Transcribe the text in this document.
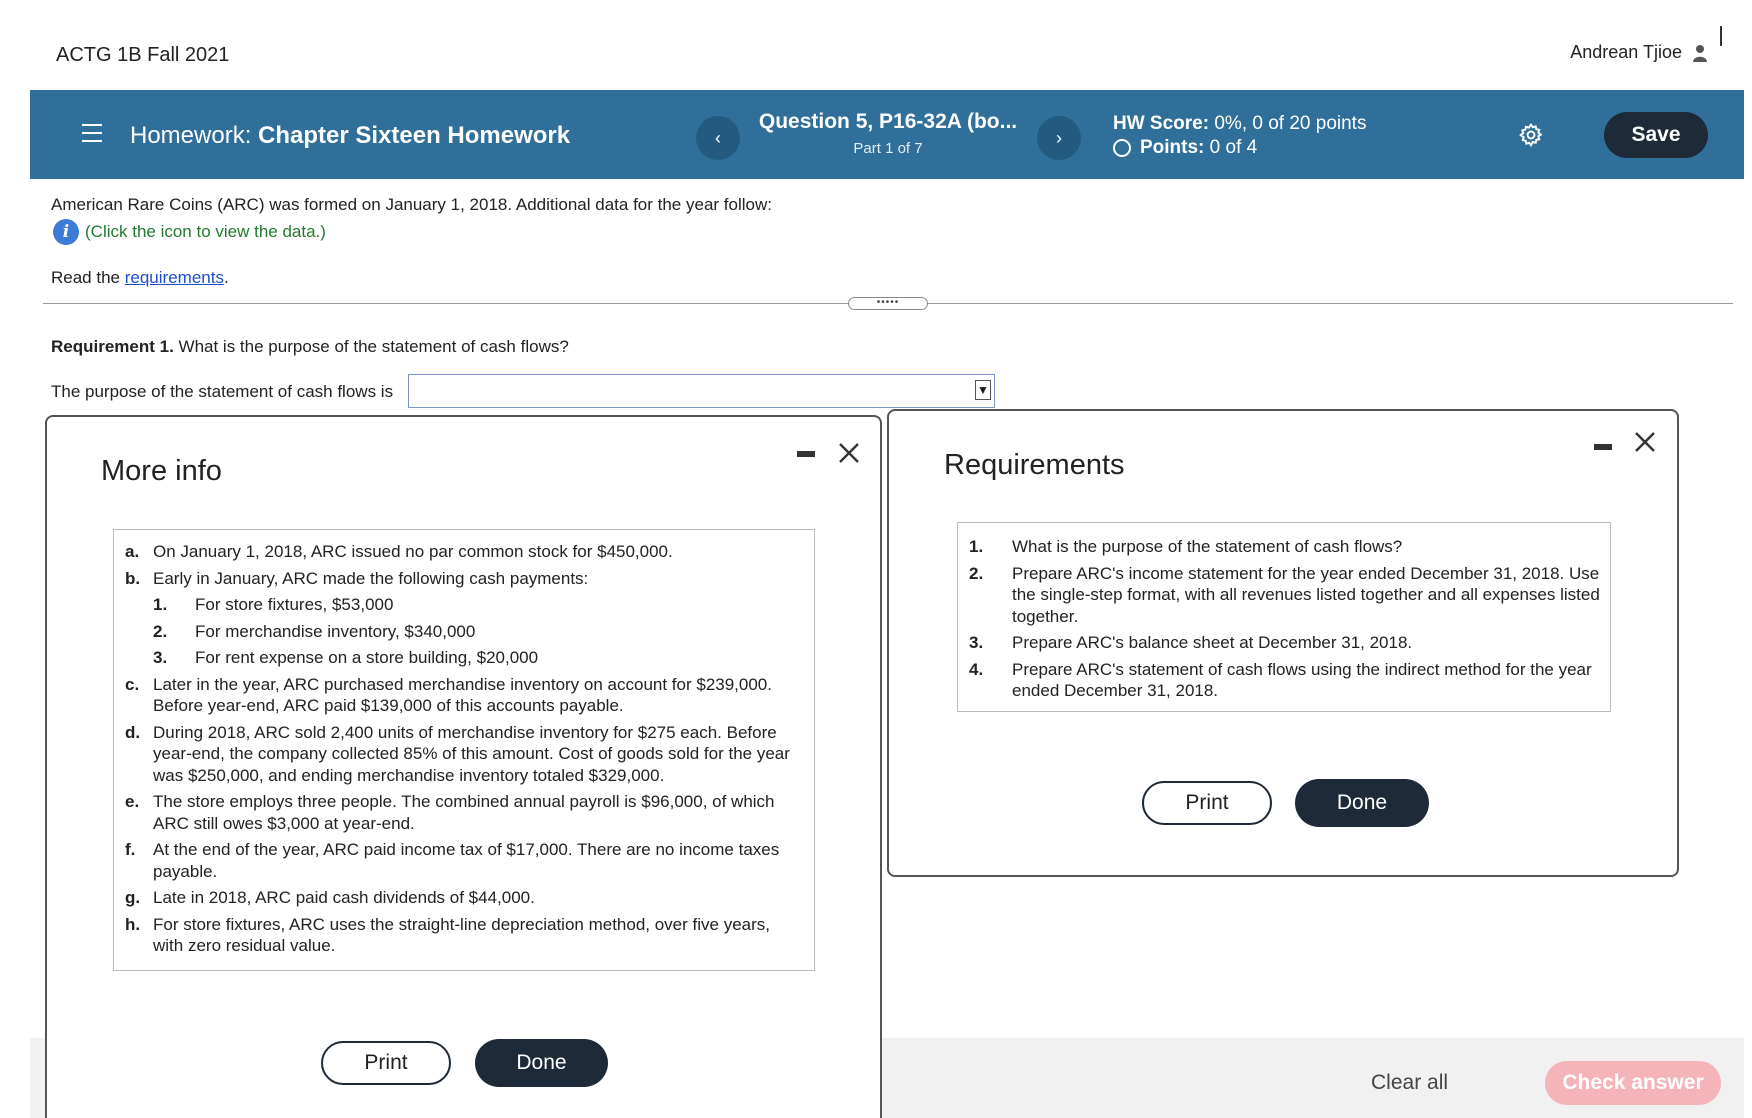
ACTG 1B Fall 2021	Andrean Tjioe
Homework: Chapter Sixteen Homework	‹
Question 5, P16-32A (bo...
Part 1 of 7
›
HW Score: 0%, 0 of 20 points
Points: 0 of 4
Save
American Rare Coins (ARC) was formed on January 1, 2018. Additional data for the year follow:
i (Click the icon to view the data.)
Read the requirements.
•••••
Requirement 1. What is the purpose of the statement of cash flows?
The purpose of the statement of cash flows is	▼
More info
a. On January 1, 2018, ARC issued no par common stock for $450,000.
b. Early in January, ARC made the following cash payments:
1.	For store fixtures, $53,000
2.	For merchandise inventory, $340,000
3.	For rent expense on a store building, $20,000
c. Later in the year, ARC purchased merchandise inventory on account for $239,000. Before year-end, ARC paid $139,000 of this accounts payable.
d. During 2018, ARC sold 2,400 units of merchandise inventory for $275 each. Before year-end, the company collected 85% of this amount. Cost of goods sold for the year was $250,000, and ending merchandise inventory totaled $329,000.
e. The store employs three people. The combined annual payroll is $96,000, of which ARC still owes $3,000 at year-end.
f.	At the end of the year, ARC paid income tax of $17,000. There are no income taxes payable.
g. Late in 2018, ARC paid cash dividends of $44,000.
h. For store fixtures, ARC uses the straight-line depreciation method, over five years, with zero residual value.
Print	Done
Requirements
1.	What is the purpose of the statement of cash flows?
2.	Prepare ARC's income statement for the year ended December 31, 2018. Use the single-step format, with all revenues listed together and all expenses listed together.
3.	Prepare ARC's balance sheet at December 31, 2018.
4.	Prepare ARC's statement of cash flows using the indirect method for the year ended December 31, 2018.
Print	Done
Clear all	Check answer
